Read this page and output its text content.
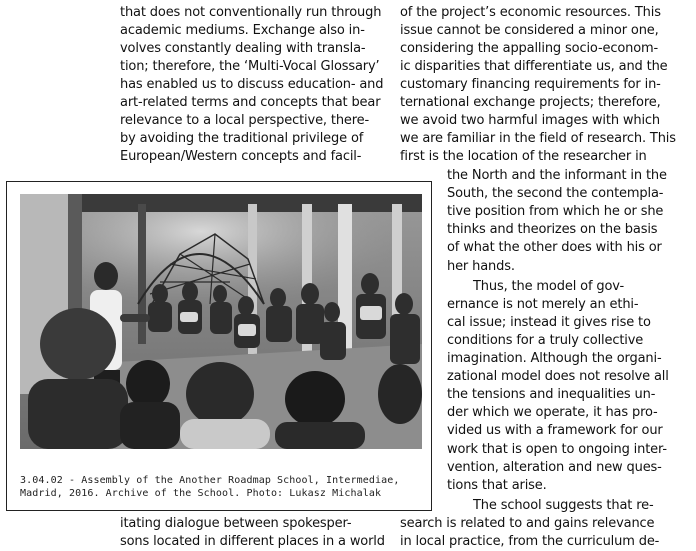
that does not conventionally run through
academic mediums. Exchange also in-
volves constantly dealing with transla-
tion; therefore, the ‘Multi-Vocal Glossary’
has enabled us to discuss education- and
art-related terms and concepts that bear
relevance to a local perspective, there-
by avoiding the traditional privilege of
European/Western concepts and facil-
of the project’s economic resources. This
issue cannot be considered a minor one,
considering the appalling socio-econom-
ic disparities that differentiate us, and the
customary financing requirements for in-
ternational exchange projects; therefore,
we avoid two harmful images with which
we are familiar in the field of research. This
first is the location of the researcher in
the North and the informant in the
South, the second the contempla-
tive position from which he or she
thinks and theorizes on the basis
of what the other does with his or
her hands.
Thus, the model of gov-
ernance is not merely an ethi-
cal issue; instead it gives rise to
conditions for a truly collective
imagination. Although the organi-
zational model does not resolve all
the tensions and inequalities un-
der which we operate, it has pro-
vided us with a framework for our
work that is open to ongoing inter-
vention, alteration and new ques-
tions that arise.
The school suggests that re-
itating dialogue between spokesper-
sons located in different places in a world
search is related to and gains relevance
in local practice, from the curriculum de-
3.04.02 - Assembly of the Another Roadmap School, Intermediae,
Madrid, 2016. Archive of the School. Photo: Lukasz Michalak
